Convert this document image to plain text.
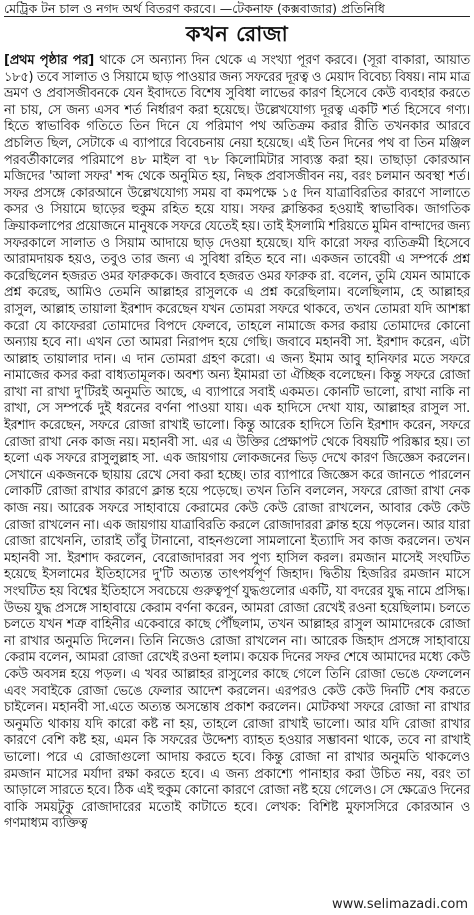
মেট্রিক টন চাল ও নগদ অর্থ বিতরণ করবে। —টেকনাফ (কক্সবাজার) প্রতিনিধি
কখন রোজা
[প্রথম পৃষ্ঠার পর] থাকে সে অন্যান্য দিন থেকে এ সংখ্যা পূরণ করবে। (সূরা বাকারা, আয়াত ১৮৫) তবে সালাত ও সিয়ামে ছাড় পাওয়ার জন্য সফরের দূরত্ব ও মেয়াদ বিবেচ্য বিষয়। নাম মাত্র ভ্রমণ ও প্রবাসজীবনকে যেন ইবাদতে বিশেষ সুবিধা লাভের কারণ হিসেবে কেউ ব্যবহার করতে না চায়, সে জন্য এসব শর্ত নির্ধারণ করা হয়েছে। উল্লেখযোগ্য দূরত্ব একটি শর্ত হিসেবে গণ্য। হিতে স্বাভাবিক গতিতে তিন দিনে যে পরিমাণ পথ অতিক্রম করার রীতি তখনকার আরবে প্রচলিত ছিল, সেটাকে এ ব্যাপারে বিবেচনায় নেয়া হয়েছে। এই তিন দিনের পথ বা তিন মঞ্জিল পরবর্তীকালের পরিমাপে ৪৮ মাইল বা ৭৮ কিলোমিটার সাব্যস্ত করা হয়। তাছাড়া কোরআন মজিদের 'আলা সফর' শব্দ থেকে অনুমিত হয়, নিছক প্রবাসজীবন নয়, বরং চলমান অবস্থা শর্ত। সফর প্রসঙ্গে কোরআনে উল্লেখযোগ্য সময় বা কমপক্ষে ১৫ দিন যাত্রাবিরতির কারণে সালাতে কসর ও সিয়ামে ছাড়ের হুকুম রহিত হয়ে যায়। সফর ক্লান্তিকর হওয়াই স্বাভাবিক। জাগতিক ক্রিয়াকলাপের প্রয়োজনে মানুষকে সফরে যেতেই হয়। তাই ইসলামি শরিয়তে মুমিন বান্দাদের জন্য সফরকালে সালাত ও সিয়াম আদায়ে ছাড় দেওয়া হয়েছে। যদি কারো সফর ব্যতিক্রমী হিসেবে আরামদায়ক হয়ও, তবুও তার জন্য এ সুবিধা রহিত হবে না। একজন তাবেয়ী এ সম্পর্কে প্রশ্ন করেছিলেন হজরত ওমর ফারুককে। জবাবে হজরত ওমর ফারুক রা. বলেন, তুমি যেমন আমাকে প্রশ্ন করেছ, আমিও তেমনি আল্লাহর রাসুলকে এ প্রশ্ন করেছিলাম। বলেছিলাম, হে আল্লাহর রাসুল, আল্লাহ তায়ালা ইরশাদ করেছেন যখন তোমরা সফরে থাকবে, তখন তোমরা যদি আশঙ্কা করো যে কাফেররা তোমাদের বিপদে ফেলবে, তাহলে নামাজে কসর করায় তোমাদের কোনো অন্যায় হবে না। এখন তো আমরা নিরাপদ হয়ে গেছি। জবাবে মহানবী সা. ইরশাদ করেন, এটা আল্লাহ তায়ালার দান। এ দান তোমরা গ্রহণ করো। এ জন্য ইমাম আবু হানিফার মতে সফরে নামাজের কসর করা বাধ্যতামূলক। অবশ্য অন্য ইমামরা তা ঐচ্ছিক বলেছেন। কিন্তু সফরে রোজা রাখা না রাখা দু'টিরই অনুমতি আছে, এ ব্যাপারে সবাই একমত। কোনটি ভালো, রাখা নাকি না রাখা, সে সম্পর্কে দুই ধরনের বর্ণনা পাওয়া যায়। এক হাদিসে দেখা যায়, আল্লাহর রাসুল সা. ইরশাদ করেছেন, সফরে রোজা রাখাই ভালো। কিন্তু আরেক হাদিসে তিনি ইরশাদ করেন, সফরে রোজা রাখা নেক কাজ নয়। মহানবী সা. এর এ উক্তির প্রেক্ষাপট থেকে বিষয়টি পরিষ্কার হয়। তা হলো এক সফরে রাসুলুল্লাহ সা. এক জায়গায় লোকজনের ভিড় দেখে কারণ জিজ্ঞেস করলেন। সেখানে একজনকে ছায়ায় রেখে সেবা করা হচ্ছে। তার ব্যাপারে জিজ্ঞেস করে জানতে পারলেন লোকটি রোজা রাখার কারণে ক্লান্ত হয়ে পড়েছে। তখন তিনি বললেন, সফরে রোজা রাখা নেক কাজ নয়। আরেক সফরে সাহাবায়ে কেরামের কেউ কেউ রোজা রাখলেন, আবার কেউ কেউ রোজা রাখলেন না। এক জায়গায় যাত্রাবিরতি করলে রোজাদাররা ক্লান্ত হয়ে পড়লেন। আর যারা রোজা রাখেননি, তারাই তাঁবু টানানো, বাহনগুলো সামলানো ইত্যাদি সব কাজ করলেন। তখন মহানবী সা. ইরশাদ করলেন, বেরোজাদাররা সব পুণ্য হাসিল করল। রমজান মাসেই সংঘটিত হয়েছে ইসলামের ইতিহাসের দু'টি অত্যন্ত তাৎপর্যপূর্ণ জিহাদ। দ্বিতীয় হিজরির রমজান মাসে সংঘটিত হয় বিশ্বের ইতিহাসে সবচেয়ে গুরুত্বপূর্ণ যুদ্ধগুলোর একটি, যা বদরের যুদ্ধ নামে প্রসিদ্ধ। উভয় যুদ্ধ প্রসঙ্গে সাহাবায়ে কেরাম বর্ণনা করেন, আমরা রোজা রেখেই রওনা হয়েছিলাম। চলতে চলতে যখন শত্রু বাহিনীর একেবারে কাছে পৌঁছলাম, তখন আল্লাহর রাসুল আমাদেরকে রোজা না রাখার অনুমতি দিলেন। তিনি নিজেও রোজা রাখলেন না। আরেক জিহাদ প্রসঙ্গে সাহাবায়ে কেরাম বলেন, আমরা রোজা রেখেই রওনা হলাম। কয়েক দিনের সফর শেষে আমাদের মধ্যে কেউ কেউ অবসন্ন হয়ে পড়ল। এ খবর আল্লাহর রাসুলের কাছে গেলে তিনি রোজা ভেঙে ফেললেন এবং সবাইকে রোজা ভেঙে ফেলার আদেশ করলেন। এরপরও কেউ কেউ দিনটি শেষ করতে চাইলেন। মহানবী সা.এতে অত্যন্ত অসন্তোষ প্রকাশ করলেন। মোটকথা সফরে রোজা না রাখার অনুমতি থাকায় যদি কারো কষ্ট না হয়, তাহলে রোজা রাখাই ভালো। আর যদি রোজা রাখার কারণে বেশি কষ্ট হয়, এমন কি সফরের উদ্দেশ্য ব্যাহত হওয়ার সম্ভাবনা থাকে, তবে না রাখাই ভালো। পরে এ রোজাগুলো আদায় করতে হবে। কিন্তু রোজা না রাখার অনুমতি থাকলেও রমজান মাসের মর্যাদা রক্ষা করতে হবে। এ জন্য প্রকাশ্যে পানাহার করা উচিত নয়, বরং তা আড়ালে সারতে হবে। ঠিক এই হুকুম কোনো কারণে রোজা নষ্ট হয়ে গেলেও। সে ক্ষেত্রেও দিনের বাকি সময়টুকু রোজাদারের মতোই কাটাতে হবে। লেখক: বিশিষ্ট মুফাসসিরে কোরআন ও গণমাধ্যম ব্যক্তিত্ব
www.selimazadi.com
